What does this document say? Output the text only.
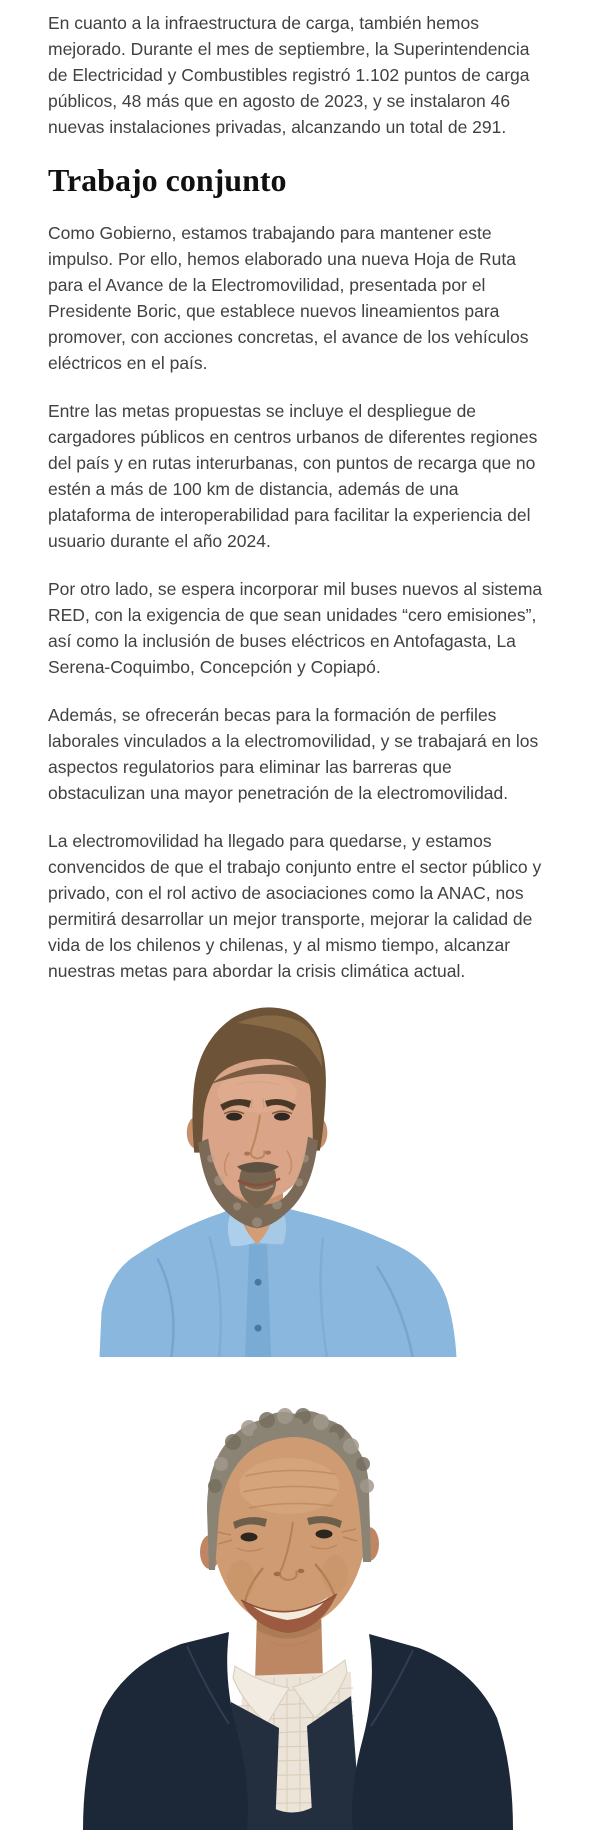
En cuanto a la infraestructura de carga, también hemos mejorado. Durante el mes de septiembre, la Superintendencia de Electricidad y Combustibles registró 1.102 puntos de carga públicos, 48 más que en agosto de 2023, y se instalaron 46 nuevas instalaciones privadas, alcanzando un total de 291.

Trabajo conjunto

Como Gobierno, estamos trabajando para mantener este impulso. Por ello, hemos elaborado una nueva Hoja de Ruta para el Avance de la Electromovilidad, presentada por el Presidente Boric, que establece nuevos lineamientos para promover, con acciones concretas, el avance de los vehículos eléctricos en el país.

Entre las metas propuestas se incluye el despliegue de cargadores públicos en centros urbanos de diferentes regiones del país y en rutas interurbanas, con puntos de recarga que no estén a más de 100 km de distancia, además de una plataforma de interoperabilidad para facilitar la experiencia del usuario durante el año 2024.

Por otro lado, se espera incorporar mil buses nuevos al sistema RED, con la exigencia de que sean unidades “cero emisiones”, así como la inclusión de buses eléctricos en Antofagasta, La Serena-Coquimbo, Concepción y Copiapó.

Además, se ofrecerán becas para la formación de perfiles laborales vinculados a la electromovilidad, y se trabajará en los aspectos regulatorios para eliminar las barreras que obstaculizan una mayor penetración de la electromovilidad.

La electromovilidad ha llegado para quedarse, y estamos convencidos de que el trabajo conjunto entre el sector público y privado, con el rol activo de asociaciones como la ANAC, nos permitirá desarrollar un mejor transporte, mejorar la calidad de vida de los chilenos y chilenas, y al mismo tiempo, alcanzar nuestras metas para abordar la crisis climática actual.
